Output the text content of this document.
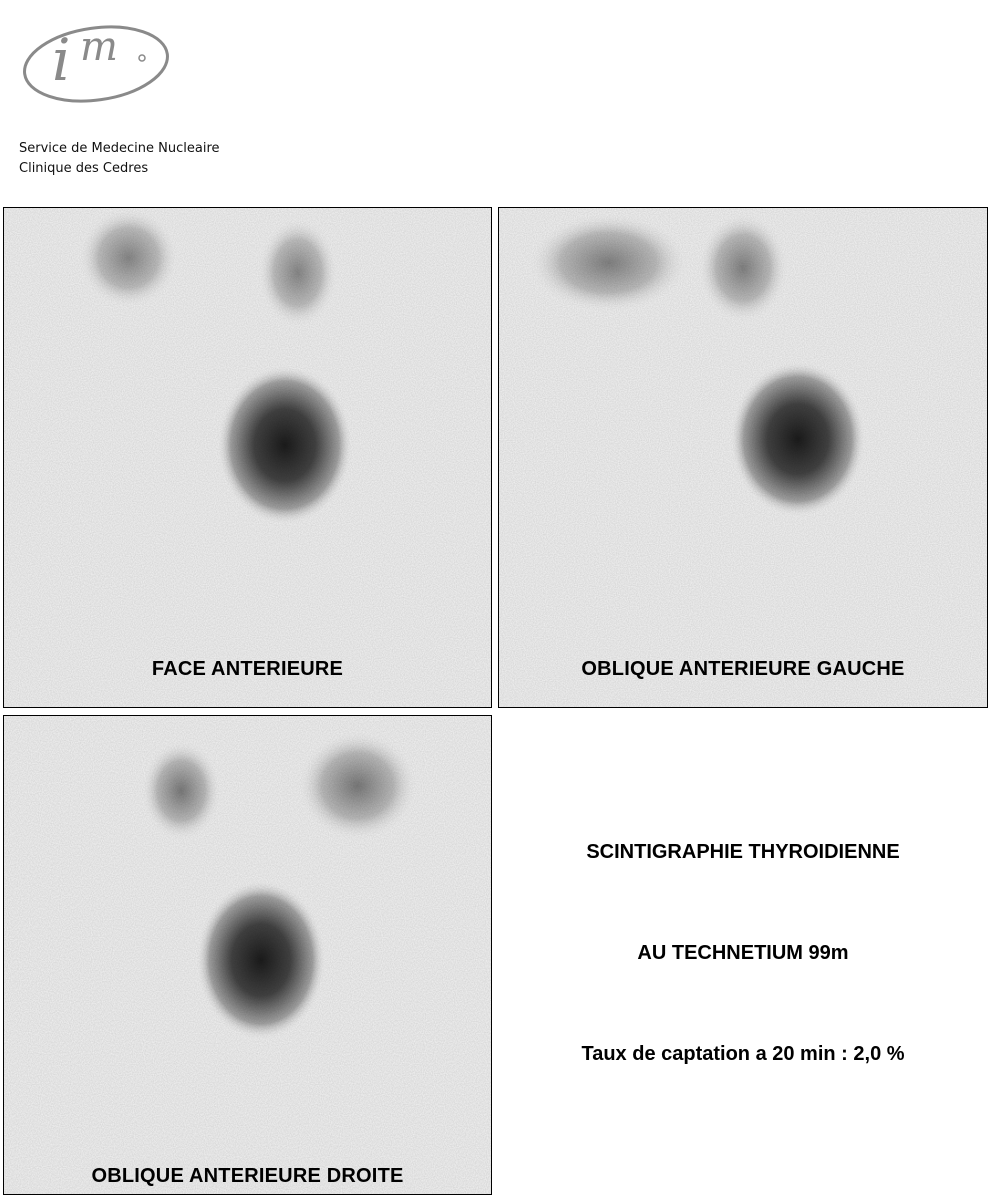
i m
Service de Medecine Nucleaire
Clinique des Cedres
FACE ANTERIEURE	OBLIQUE ANTERIEURE GAUCHE
OBLIQUE ANTERIEURE DROITE
SCINTIGRAPHIE THYROIDIENNE
AU TECHNETIUM 99m
Taux de captation a 20 min : 2,0 %
